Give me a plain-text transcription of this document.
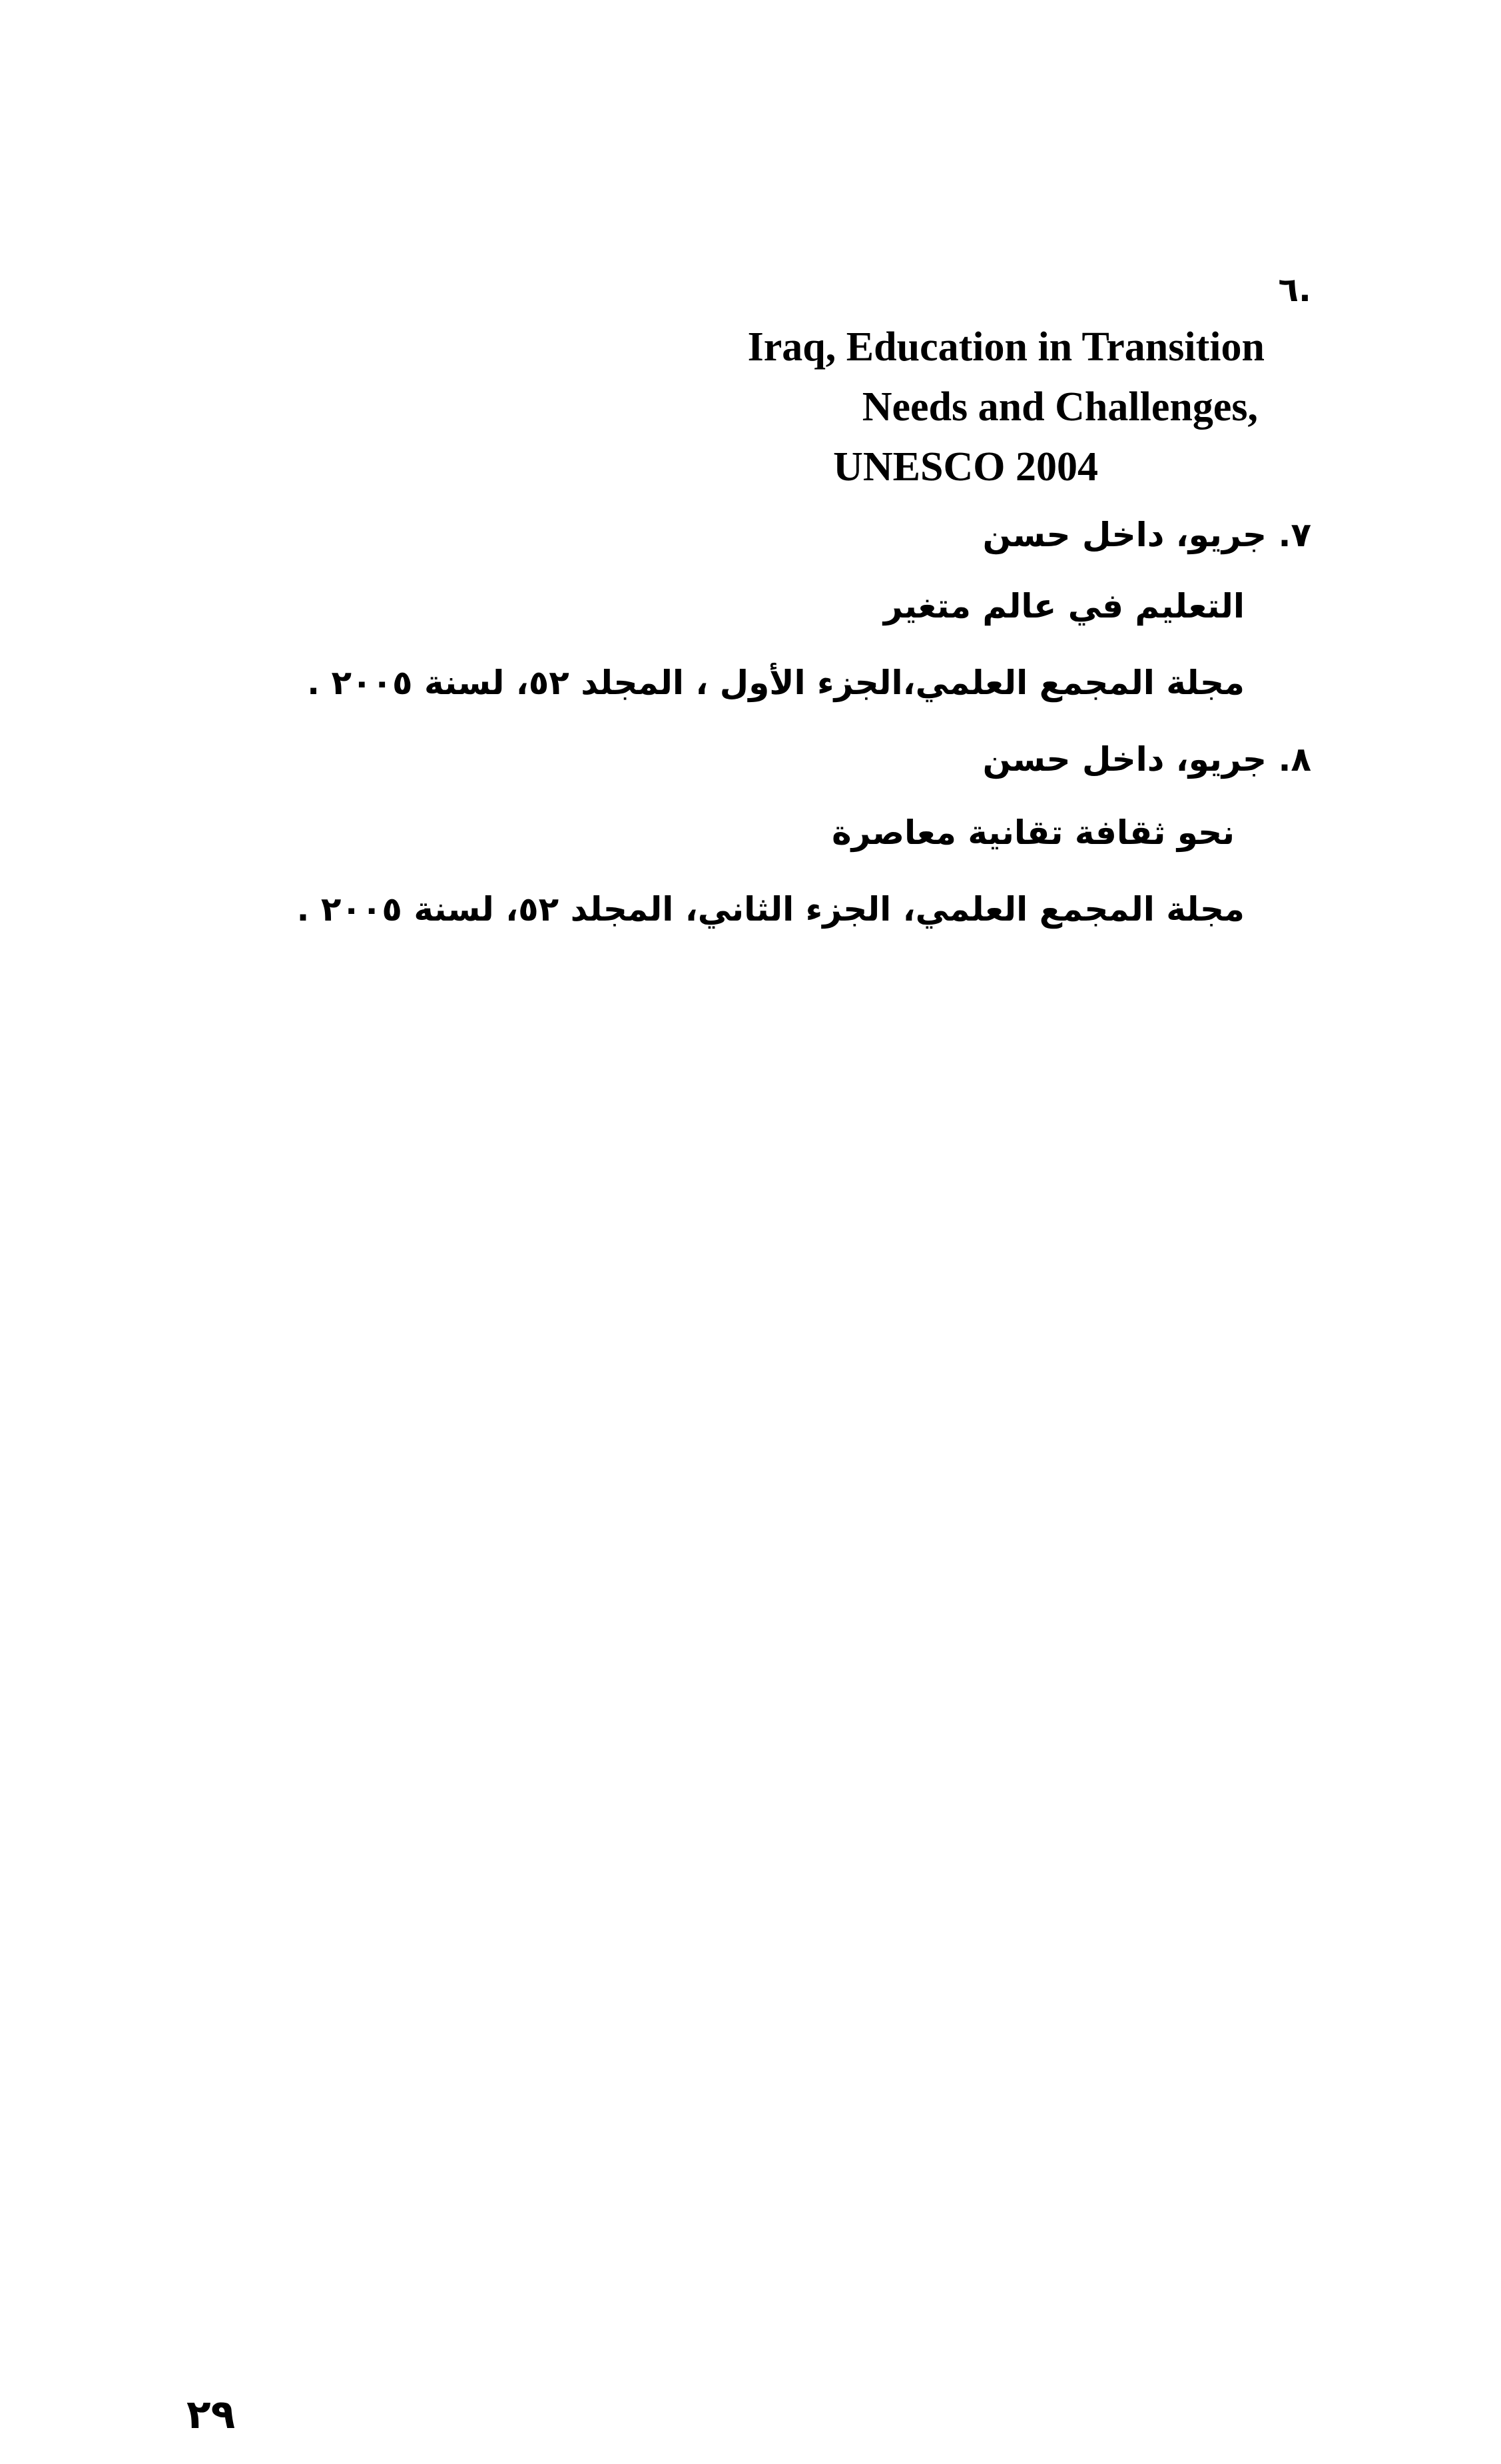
.٦
Iraq, Education in Transition
Needs and Challenges,
UNESCO 2004
٧. جريو، داخل حسن
التعليم في عالم متغير
مجلة المجمع العلمي،الجزء الأول ، المجلد ٥٢، لسنة ٢٠٠٥ .
٨. جريو، داخل حسن
نحو ثقافة تقانية معاصرة
مجلة المجمع العلمي، الجزء الثاني، المجلد ٥٢، لسنة ٢٠٠٥ .
٢٩
